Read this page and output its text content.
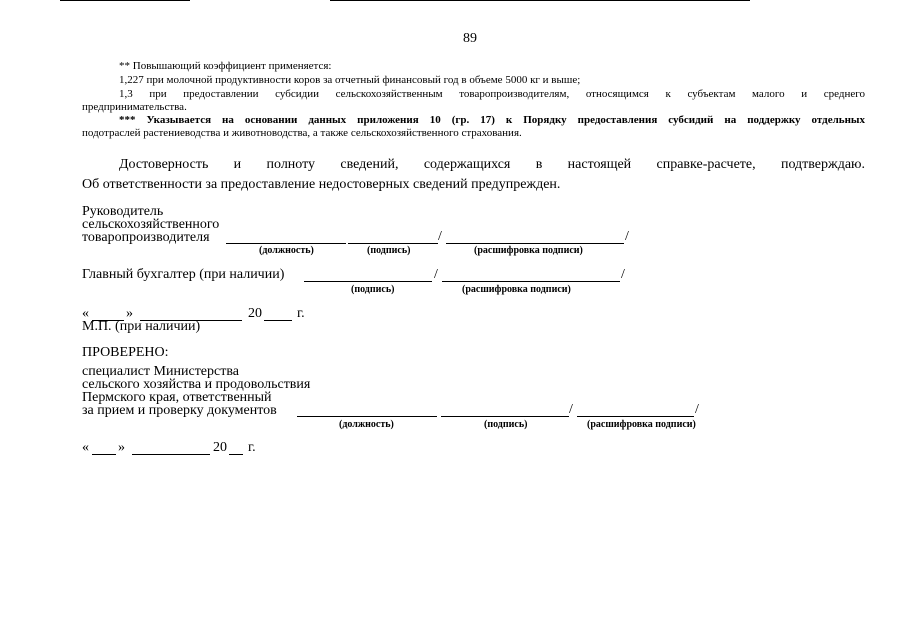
89
** Повышающий коэффициент применяется:
1,227 при молочной продуктивности коров за отчетный финансовый год в объеме 5000 кг и выше;
1,3 при предоставлении субсидии сельскохозяйственным товаропроизводителям, относящимся к субъектам малого и среднего
предпринимательства.
*** Указывается на основании данных приложения 10 (гр. 17) к Порядку предоставления субсидий на поддержку отдельных
подотраслей растениеводства и животноводства, а также сельскохозяйственного страхования.
Достоверность и полноту сведений, содержащихся в настоящей справке-расчете, подтверждаю.
Об ответственности за предоставление недостоверных сведений предупрежден.
Руководитель
сельскохозяйственного
товаропроизводителя	/	/
(должность)	(подпись)	(расшифровка подписи)
Главный бухгалтер (при наличии)	/	/
(подпись)	(расшифровка подписи)
«	»	20	г.
М.П. (при наличии)
ПРОВЕРЕНО:
специалист Министерства
сельского хозяйства и продовольствия
Пермского края, ответственный
за прием и проверку документов	/	/
(должность)	(подпись)	(расшифровка подписи)
« »	20 г.
